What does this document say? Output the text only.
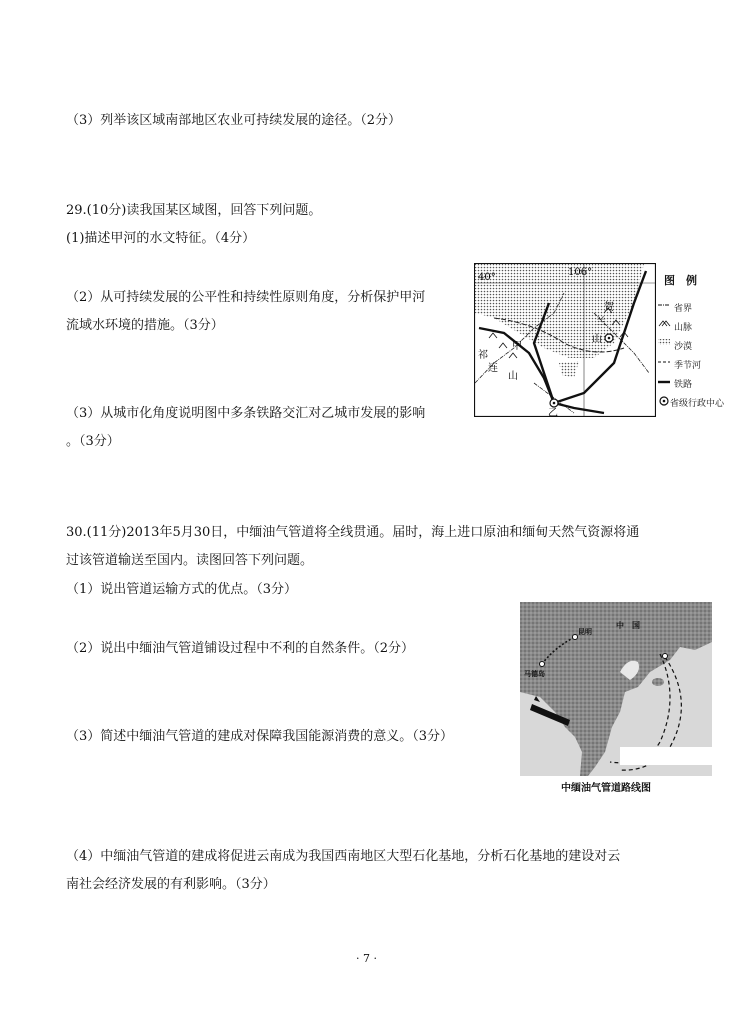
（3）列举该区域南部地区农业可持续发展的途径。（2分）
29.(10分)读我国某区域图，回答下列问题。
(1)描述甲河的水文特征。（4分）
（2）从可持续发展的公平性和持续性原则角度，分析保护甲河
流域水环境的措施。（3分）
（3）从城市化角度说明图中多条铁路交汇对乙城市发展的影响
。（3分）
40°	106°
祁
连
山
甲
贺
兰
山
乙
图　例
省界
山脉
沙漠
季节河
铁路
省级行政中心
30.(11分)2013年5月30日，中缅油气管道将全线贯通。届时，海上进口原油和缅甸天然气资源将通
过该管道输送至国内。读图回答下列问题。
（1）说出管道运输方式的优点。（3分）
（2）说出中缅油气管道铺设过程中不利的自然条件。（2分）
（3）简述中缅油气管道的建成对保障我国能源消费的意义。（3分）
中　国
昆明
马德岛
中缅油气管道路线图
（4）中缅油气管道的建成将促进云南成为我国西南地区大型石化基地，分析石化基地的建设对云
南社会经济发展的有利影响。（3分）
· 7 ·
